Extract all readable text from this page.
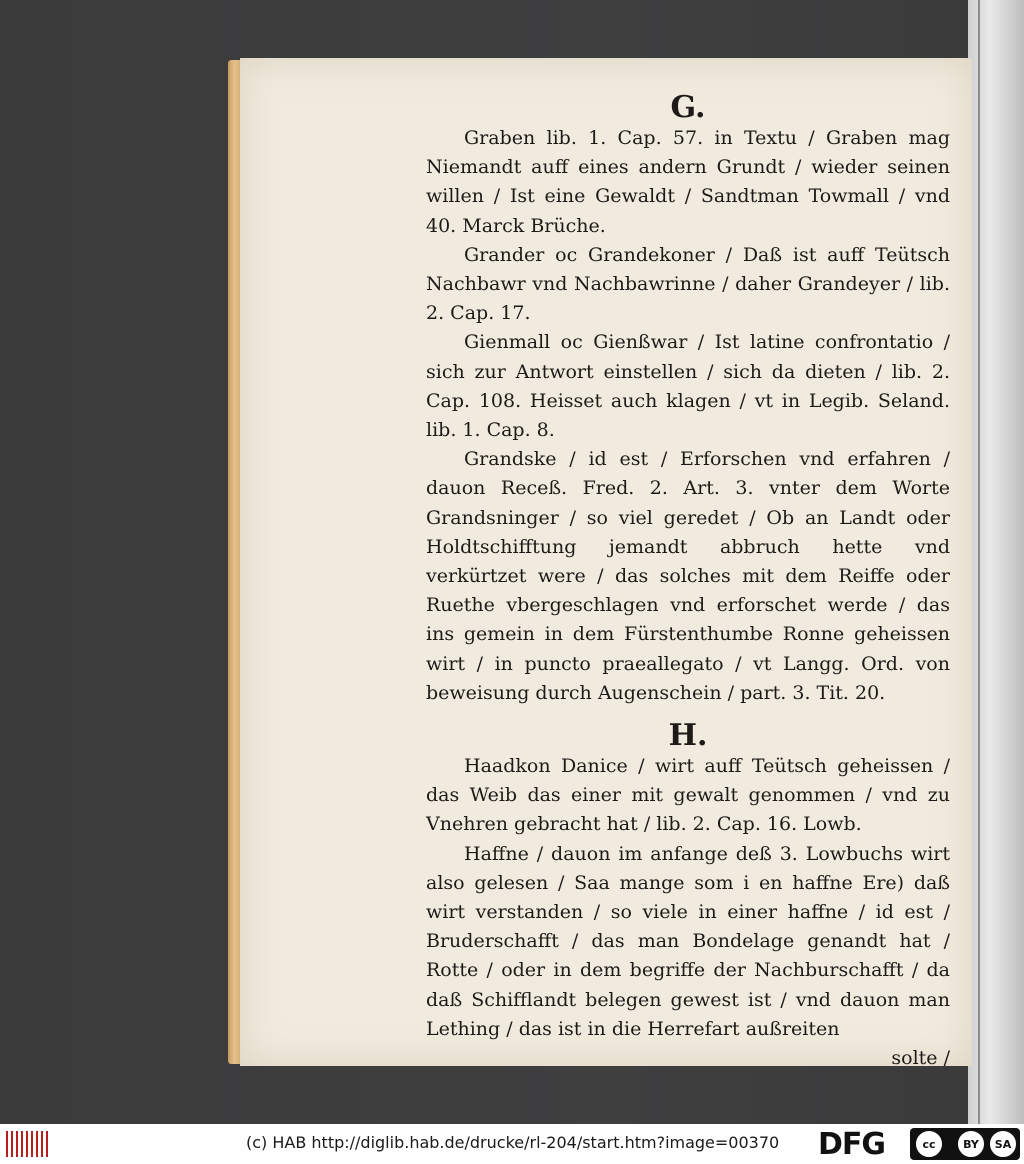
G.

Graben lib. 1. Cap. 57. in Textu / Graben mag Niemandt auff eines andern Grundt / wieder seinen willen / Ist eine Gewaldt / Sandtman Towmall / vnd 40. Marck Brüche.

Grander oc Grandekoner / Daß ist auff Teütsch Nachbawr vnd Nachbawrinne / daher Grandeyer / lib. 2. Cap. 17.

Gienmall oc Gienßwar / Ist latine confrontatio / sich zur Antwort einstellen / sich da dieten / lib. 2. Cap. 108. Heisset auch klagen / vt in Legib. Seland. lib. 1. Cap. 8.

Grandske / id est / Erforschen vnd erfahren / dauon Receß. Fred. 2. Art. 3. vnter dem Worte Grandsninger / so viel geredet / Ob an Landt oder Holdtschifftung jemandt abbruch hette vnd verkürtzet were / das solches mit dem Reiffe oder Ruethe vbergeschlagen vnd erforschet werde / das ins gemein in dem Fürstenthumbe Ronne geheissen wirt / in puncto praeallegato / vt Langg. Ord. von beweisung durch Augenschein / part. 3. Tit. 20.

H.

Haadkon Danice / wirt auff Teütsch geheissen / das Weib das einer mit gewalt genommen / vnd zu Vnehren gebracht hat / lib. 2. Cap. 16. Lowb.

Haffne / dauon im anfange deß 3. Lowbuchs wirt also gelesen / Saa mange som i en haffne Ere) daß wirt verstanden / so viele in einer haffne / id est / Bruderschafft / das man Bondelage genandt hat / Rotte / oder in dem begriffe der Nachburschafft / da daß Schifflandt belegen gewest ist / vnd dauon man Lething / das ist in die Herrefart außreiten

solte /

(c) HAB http://diglib.hab.de/drucke/rl-204/start.htm?image=00370 DFG	cc	BY	SA
